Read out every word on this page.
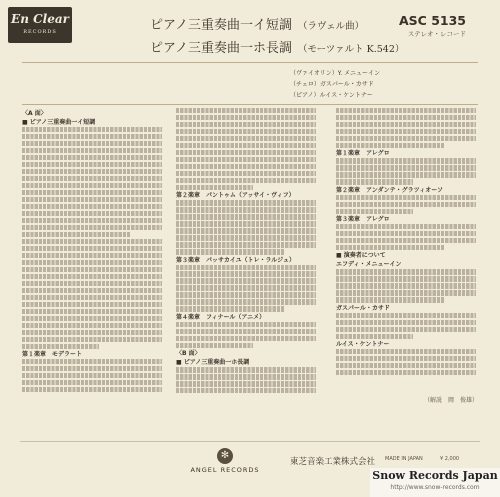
En Clear
RECORDS	ピアノ三重奏曲一イ短調 （ラヴェル曲）
ピアノ三重奏曲一ホ長調 （モーツァルト K.542）
ASC 5135
ステレオ・レコード
〈A 面〉
■ ピアノ三重奏曲一イ短調
第１楽章　モデラート
第２楽章　パントゥム（アッサイ・ヴィフ）
第３楽章　パッサカイユ（トレ・ラルジュ）
第４楽章　フィナール（アニメ）
〈B 面〉
■ ピアノ三重奏曲一ホ長調
第１楽章　アレグロ
第２楽章　アンダンテ・グラツィオーソ
第３楽章　アレグロ
■ 演奏者について
エフディ・メニューイン
ガスパール・カサド
ルイス・ケントナー
（ヴァイオリン）Y. メニューイン
（チェロ）ガスパール・カサド
（ピアノ）ルイス・ケントナー
（解説　岡　俊雄）
✻
ANGEL RECORDS
東芝音楽工業株式会社 MADE IN JAPAN	¥ 2,000
Snow Records Japan
http://www.snow-records.com
